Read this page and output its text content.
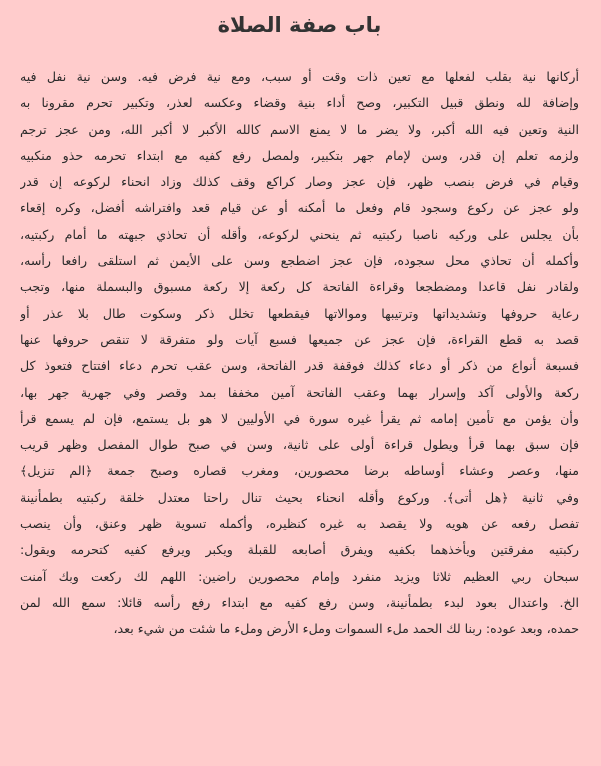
باب صفة الصلاة
أركانها نية بقلب لفعلها مع تعين ذات وقت أو سبب، ومع نية فرض فيه. وسن نية نفل فيه
وإضافة لله ونطق قبيل التكبير، وصح أداء بنية وقضاء وعكسه لعذر، وتكبير تحرم مقرونا به
النية وتعين فيه الله أكبر، ولا يضر ما لا يمنع الاسم كالله الأكبر لا أكبر الله، ومن عجز ترجم
ولزمه تعلم إن قدر، وسن لإمام جهر بتكبير، ولمصل رفع كفيه مع ابتداء تحرمه حذو منكبيه
وقيام في فرض بنصب ظهر، فإن عجز وصار كراكع وقف كذلك وزاد انحناء لركوعه إن قدر
ولو عجز عن ركوع وسجود قام وفعل ما أمكنه أو عن قيام قعد وافتراشه أفضل، وكره إقعاء
بأن يجلس على وركيه ناصبا ركبتيه ثم ينحني لركوعه، وأقله أن تحاذي جبهته ما أمام ركبتيه،
وأكمله أن تحاذي محل سجوده، فإن عجز اضطجع وسن على الأيمن ثم استلقى رافعا رأسه،
ولقادر نفل قاعدا ومضطجعا وقراءة الفاتحة كل ركعة إلا ركعة مسبوق والبسملة منها، وتجب
رعاية حروفها وتشديداتها وترتيبها وموالاتها فيقطعها تخلل ذكر وسكوت طال بلا عذر أو
قصد به قطع القراءة، فإن عجز عن جميعها فسبع آيات ولو متفرقة لا تنقص حروفها عنها
فسبعة أنواع من ذكر أو دعاء كذلك فوقفة قدر الفاتحة، وسن عقب تحرم دعاء افتتاح فتعوذ كل
ركعة والأولى آكد وإسرار بهما وعقب الفاتحة آمين مخففا بمد وقصر وفي جهرية جهر بها،
وأن يؤمن مع تأمين إمامه ثم يقرأ غيره سورة في الأوليين لا هو بل يستمع، فإن لم يسمع قرأ
فإن سبق بهما قرأ ويطول قراءة أولى على ثانية، وسن في صبح طوال المفصل وظهر قريب
منها، وعصر وعشاء أوساطه برضا محصورين، ومغرب قصاره وصبح جمعة ﴿الم تنزيل﴾
وفي ثانية ﴿هل أتى﴾. وركوع وأقله انحناء بحيث تنال راحتا معتدل خلقة ركبتيه بطمأنينة
تفصل رفعه عن هويه ولا يقصد به غيره كنظيره، وأكمله تسوية ظهر وعنق، وأن ينصب
ركبتيه مفرقتين ويأخذهما بكفيه ويفرق أصابعه للقبلة ويكبر ويرفع كفيه كتحرمه ويقول:
سبحان ربي العظيم ثلاثا ويزيد منفرد وإمام محصورين راضين: اللهم لك ركعت وبك آمنت
الخ. واعتدال بعود لبدء بطمأنينة، وسن رفع كفيه مع ابتداء رفع رأسه قائلا: سمع الله لمن
حمده، وبعد عوده: ربنا لك الحمد ملء السموات وملء الأرض وملء ما شئت من شيء بعد،
